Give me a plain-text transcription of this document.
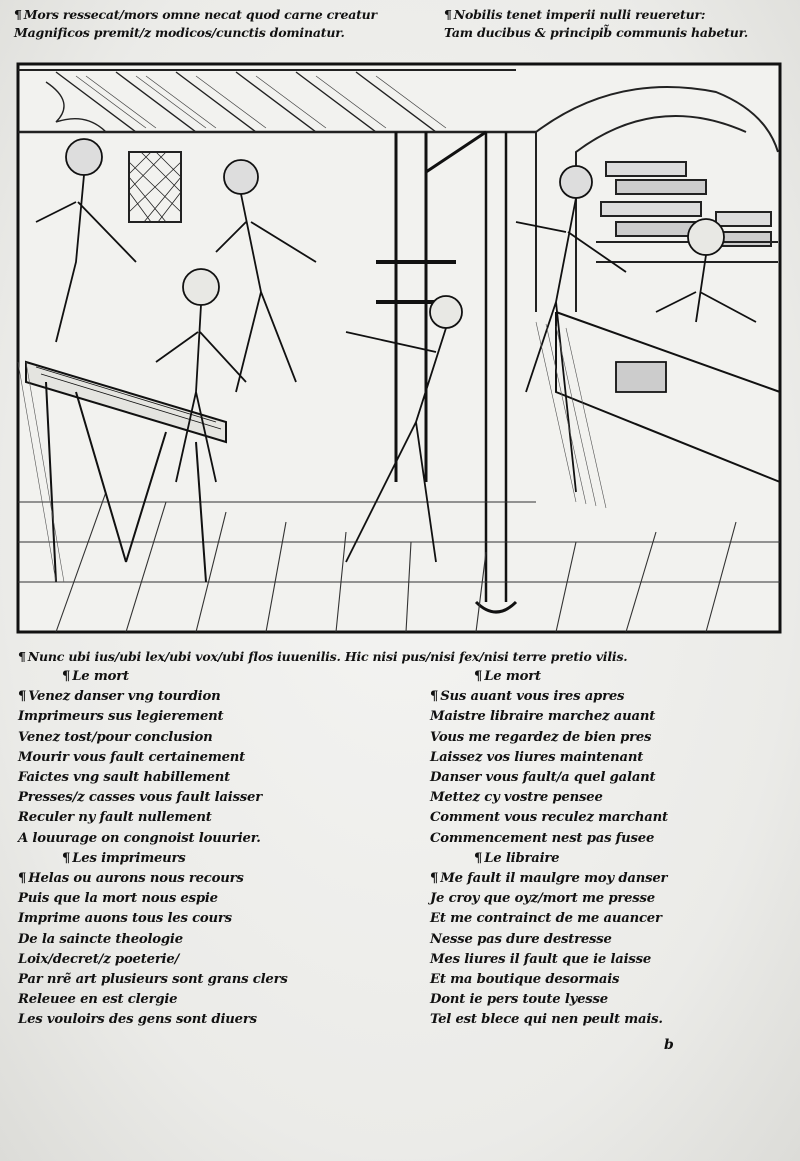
¶ Mors ressecat/mors omne necat quod carne creatur
Magnificos premit/z modicos/cunctis dominatur.
¶ Nobilis tenet imperii nulli reueretur:
Tam ducibus & principib̃ communis habetur.
¶ Nunc ubi ius/ubi lex/ubi vox/ubi flos iuuenilis. Hic nisi pus/nisi fex/nisi terre pretio vilis.
¶ Le mort
¶ Venez danser vng tourdion
Imprimeurs sus legierement
Venez tost/pour conclusion
Mourir vous fault certainement
Faictes vng sault habillement
Presses/z casses vous fault laisser
Reculer ny fault nullement
A louurage on congnoist louurier.
¶ Les imprimeurs
¶ Helas ou aurons nous recours
Puis que la mort nous espie
Imprime auons tous les cours
De la saincte theologie
Loix/decret/z poeterie/
Par nrẽ art plusieurs sont grans clers
Releuee en est clergie
Les vouloirs des gens sont diuers
¶ Le mort
¶ Sus auant vous ires apres
Maistre libraire marchez auant
Vous me regardez de bien pres
Laissez vos liures maintenant
Danser vous fault/a quel galant
Mettez cy vostre pensee
Comment vous reculez marchant
Commencement nest pas fusee
¶ Le libraire
¶ Me fault il maulgre moy danser
Je croy que oyz/mort me presse
Et me contrainct de me auancer
Nesse pas dure destresse
Mes liures il fault que ie laisse
Et ma boutique desormais
Dont ie pers toute lyesse
Tel est blece qui nen peult mais.
b
